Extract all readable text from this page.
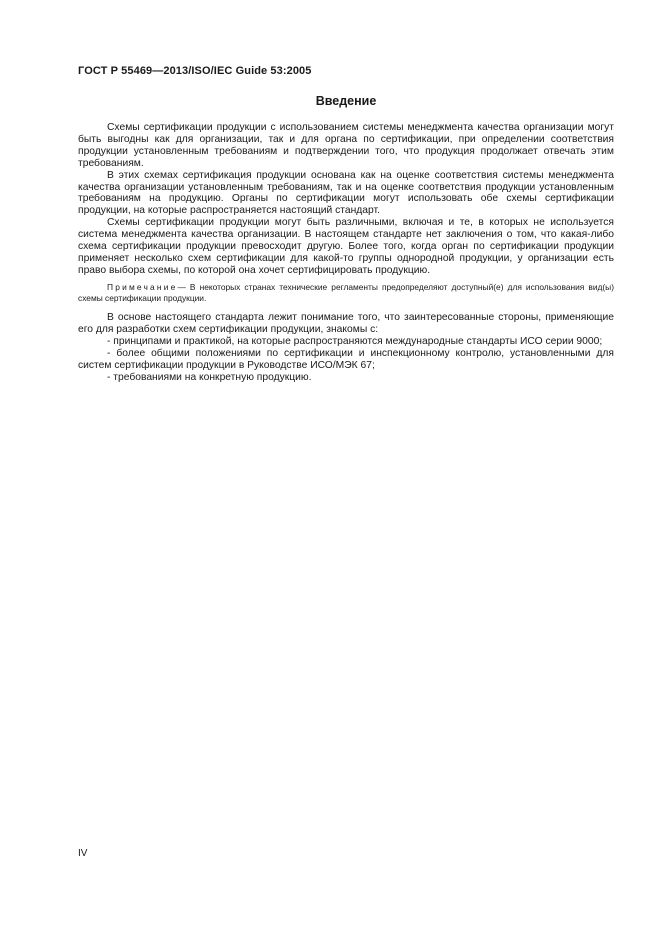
ГОСТ Р 55469—2013/ISO/IEC Guide 53:2005
Введение

Схемы сертификации продукции с использованием системы менеджмента качества организации могут быть выгодны как для организации, так и для органа по сертификации, при определении соответствия продукции установленным требованиям и подтверждении того, что продукция продолжает отвечать этим требованиям.

В этих схемах сертификация продукции основана как на оценке соответствия системы менеджмента качества организации установленным требованиям, так и на оценке соответствия продукции установленным требованиям на продукцию. Органы по сертификации могут использовать обе схемы сертификации продукции, на которые распространяется настоящий стандарт.

Схемы сертификации продукции могут быть различными, включая и те, в которых не используется система менеджмента качества организации. В настоящем стандарте нет заключения о том, что какая-либо схема сертификации продукции превосходит другую. Более того, когда орган по сертификации продукции применяет несколько схем сертификации для какой-то группы однородной продукции, у организации есть право выбора схемы, по которой она хочет сертифицировать продукцию.

Примечание— В некоторых странах технические регламенты предопределяют доступный(е) для использования вид(ы) схемы сертификации продукции.

В основе настоящего стандарта лежит понимание того, что заинтересованные стороны, применяющие его для разработки схем сертификации продукции, знакомы с:

- принципами и практикой, на которые распространяются международные стандарты ИСО серии 9000;

- более общими положениями по сертификации и инспекционному контролю, установленными для систем сертификации продукции в Руководстве ИСО/МЭК 67;

- требованиями на конкретную продукцию.

IV
